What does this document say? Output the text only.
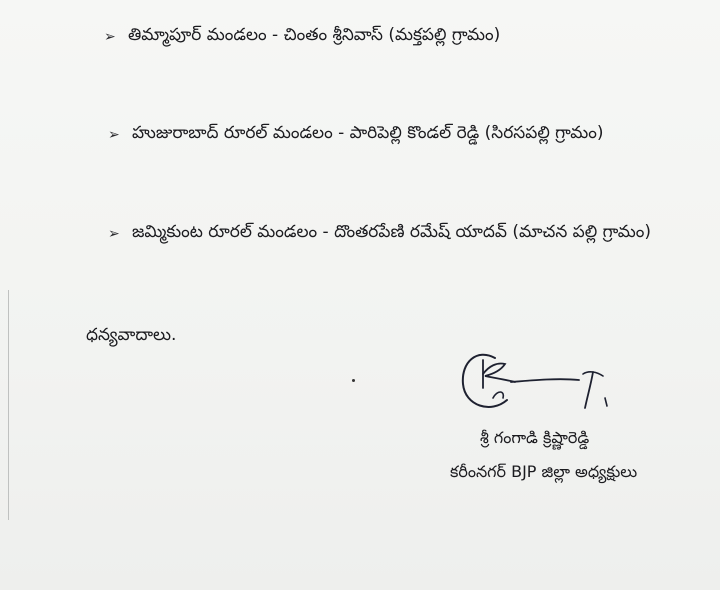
➢ తిమ్మాపూర్ మండలం - చింతం శ్రీనివాస్ (మక్తపల్లి గ్రామం)
➢ హుజురాబాద్ రూరల్ మండలం - పారిపెల్లి కొండల్ రెడ్డి (సిరసపల్లి గ్రామం)
➢ జమ్మికుంట రూరల్ మండలం - దొంతరపేణి రమేష్ యాదవ్ (మాచన పల్లి గ్రామం)
ధన్యవాదాలు.
శ్రీ గంగాడి క్రిష్ణారెడ్డి
కరీంనగర్ BJP జిల్లా అధ్యక్షులు
